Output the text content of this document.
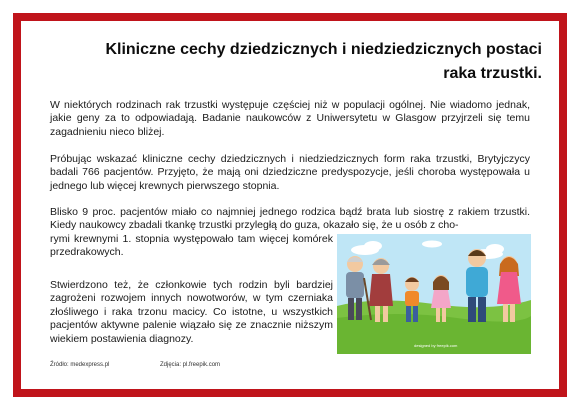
Kliniczne cechy dziedzicznych i niedziedzicznych postaci
raka trzustki.

W niektórych rodzinach rak trzustki występuje częściej niż w populacji ogólnej. Nie wiadomo jednak, jakie geny za to odpowiadają. Badanie naukowców z Uniwersytetu w Glasgow przyjrzeli się temu zagadnieniu nieco bliżej.

Próbując wskazać kliniczne cechy dziedzicznych i niedziedzicznych form raka trzustki, Brytyjczycy badali 766 pacjentów. Przyjęto, że mają oni dziedziczne predyspozycje, jeśli choroba występowała u jednego lub więcej krewnych pierwszego stopnia.

Blisko 9 proc. pacjentów miało co najmniej jednego rodzica bądź brata lub siostrę z rakiem trzustki. Kiedy naukowcy zbadali tkankę trzustki przyległą do guza, okazało się, że u osób z cho-

rymi krewnymi 1. stopnia występowało tam więcej komórek przedrakowych.

Stwierdzono też, że członkowie tych rodzin byli bardziej zagrożeni rozwojem innych nowotworów, w tym czerniaka złośliwego i raka trzonu macicy. Co istotne, u wszystkich pacjentów aktywne palenie wiązało się ze znacznie niższym wiekiem postawienia diagnozy.

designed by freepik.com
Źródło: medexpress.pl	Zdjęcia: pl.freepik.com
